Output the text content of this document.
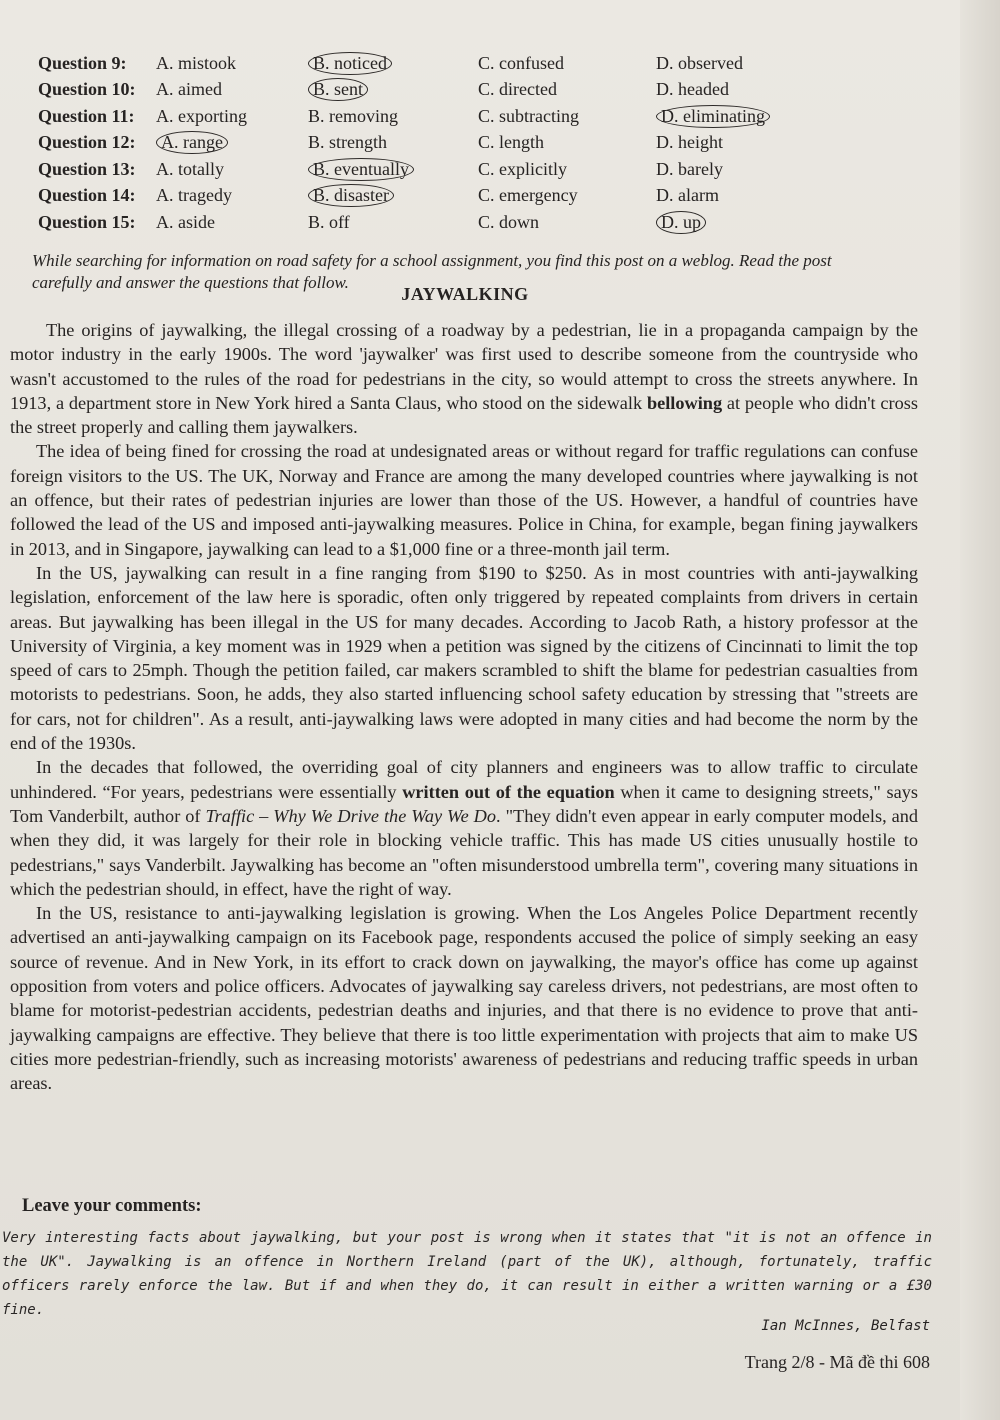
Question 9:	A. mistook	B. noticed	C. confused	D. observed
Question 10:	A. aimed	B. sent	C. directed	D. headed
Question 11:	A. exporting	B. removing	C. subtracting	D. eliminating
Question 12:	A. range	B. strength	C. length	D. height
Question 13:	A. totally	B. eventually	C. explicitly	D. barely
Question 14:	A. tragedy	B. disaster	C. emergency	D. alarm
Question 15:	A. aside	B. off	C. down	D. up
While searching for information on road safety for a school assignment, you find this post on a weblog. Read the post carefully and answer the questions that follow.
JAYWALKING

The origins of jaywalking, the illegal crossing of a roadway by a pedestrian, lie in a propaganda campaign by the motor industry in the early 1900s. The word 'jaywalker' was first used to describe someone from the countryside who wasn't accustomed to the rules of the road for pedestrians in the city, so would attempt to cross the streets anywhere. In 1913, a department store in New York hired a Santa Claus, who stood on the sidewalk bellowing at people who didn't cross the street properly and calling them jaywalkers.

The idea of being fined for crossing the road at undesignated areas or without regard for traffic regulations can confuse foreign visitors to the US. The UK, Norway and France are among the many developed countries where jaywalking is not an offence, but their rates of pedestrian injuries are lower than those of the US. However, a handful of countries have followed the lead of the US and imposed anti-jaywalking measures. Police in China, for example, began fining jaywalkers in 2013, and in Singapore, jaywalking can lead to a $1,000 fine or a three-month jail term.

In the US, jaywalking can result in a fine ranging from $190 to $250. As in most countries with anti-jaywalking legislation, enforcement of the law here is sporadic, often only triggered by repeated complaints from drivers in certain areas. But jaywalking has been illegal in the US for many decades. According to Jacob Rath, a history professor at the University of Virginia, a key moment was in 1929 when a petition was signed by the citizens of Cincinnati to limit the top speed of cars to 25mph. Though the petition failed, car makers scrambled to shift the blame for pedestrian casualties from motorists to pedestrians. Soon, he adds, they also started influencing school safety education by stressing that "streets are for cars, not for children". As a result, anti-jaywalking laws were adopted in many cities and had become the norm by the end of the 1930s.

In the decades that followed, the overriding goal of city planners and engineers was to allow traffic to circulate unhindered. “For years, pedestrians were essentially written out of the equation when it came to designing streets," says Tom Vanderbilt, author of Traffic – Why We Drive the Way We Do. "They didn't even appear in early computer models, and when they did, it was largely for their role in blocking vehicle traffic. This has made US cities unusually hostile to pedestrians," says Vanderbilt. Jaywalking has become an "often misunderstood umbrella term", covering many situations in which the pedestrian should, in effect, have the right of way.

In the US, resistance to anti-jaywalking legislation is growing. When the Los Angeles Police Department recently advertised an anti-jaywalking campaign on its Facebook page, respondents accused the police of simply seeking an easy source of revenue. And in New York, in its effort to crack down on jaywalking, the mayor's office has come up against opposition from voters and police officers. Advocates of jaywalking say careless drivers, not pedestrians, are most often to blame for motorist-pedestrian accidents, pedestrian deaths and injuries, and that there is no evidence to prove that anti-jaywalking campaigns are effective. They believe that there is too little experimentation with projects that aim to make US cities more pedestrian-friendly, such as increasing motorists' awareness of pedestrians and reducing traffic speeds in urban areas.

Leave your comments:
Very interesting facts about jaywalking, but your post is wrong when it states that "it is not an offence in the UK". Jaywalking is an offence in Northern Ireland (part of the UK), although, fortunately, traffic officers rarely enforce the law. But if and when they do, it can result in either a written warning or a £30 fine.
Ian McInnes, Belfast
Trang 2/8 - Mã đề thi 608
